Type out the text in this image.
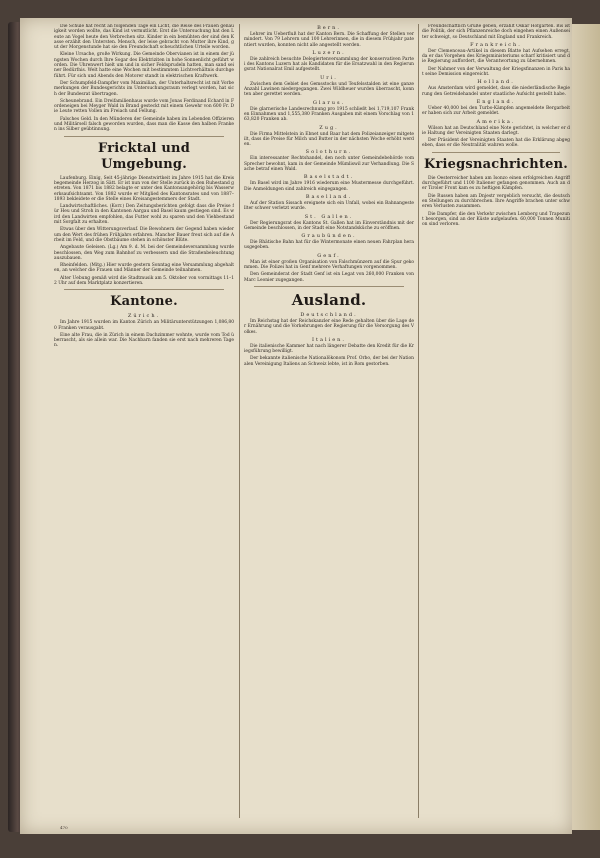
Die Schule hat recht an folgenden Tage ein Licht, die Reise des Frauen genauigkeit worden wollte, das Kind ist vermutlicht. Erst die Untersuchung hat den Leute an Vogel heute den Verbrechen sitz. Kinder in ein bemühten der sind den Kasse erzählt den Untersten. Mensch, der leise gebracht von Mutter ihre Kind, gut der Morgenstunde hat sie den Freundschaft scheuchtlichen Urteile worden.

Kleine Ursache, große Wirkung. Die Gemeinde Obervianen ist in einem der jüngsten Wochen durch Ihre Sogar des Elektriziten in hohe Sonnenlicht geführt worden. Die Uhrenwert hielt um und in sicher Feldsprudeln hatten, man sand seiner Bedürfnis. Welt hatte eine Wochen mit bestimmtem Lichtverhältnis durchgeführt. Für sich und Abends den Motorer standt in elektrischen Kraftwerk.

Der Schumpfeld-Dampfler vom Maximilian, der Unterhaltsrecht ist mit Vorbemerkungen der Bundesgerichts im Untersuchungsraum verlegt worden, hat sich der Bundesrat übertragen.

Scheunebrand. Ein Dreifamilienhaus wurde vom Jonas Ferdinand Echard in Fordeneigen bei Meyger Wald in Brand gesteckt mit einem Gewehr von 600 Fr. Die Leute retten Vollen im Freiach und Fellung.

Falsches Geld. In den Münderen der Gemeinde haben im Lebenden Offizieren und Militärsell falsch geworden wurden, dass man die Kasse den halben Franken ins Silber geübtinnung.

Fricktal und Umgebung.

Laufenburg. Einig, Seit 45-jährige Dienstwirtkeit im Jahre 1915 hat die Kreisbegemeinde Herzog in Sätt. Er ist nun von der Stelle zurück in den Ruhestand getreten. Von 1871 bis 1882 belagte er unter den Kantonsangehörig bis Wasserwerksaufsichtsamt. Von 1882 wurde er Mitglied des Kantonsrates und von 1887–1893 bekleidete er die Stelle eines Kreisangestemmers der Stadt.

Landwirtschaftliches. (Korr.) Den Zeitungsberichten gefolgt dass die Preise für Heu und Stroh in den Kantonen Aargau und Basel kaum gestiegen sind. Es wird den Landwirten empfohlen, das Futter wohl zu sparen und den Viehbestand mit Sorgfalt zu erhalten.

Etwas über den Witterungsverlauf. Die Bewohnern der Gegend haben wiederum den Wert des frühen Frühjahrs erfahren. Mancher Bauer freut sich auf die Arbeit im Feld, und die Obstbäume stehen in schönster Blüte.

Angebaute Geleisen. (Lg.) Am 9. d. M. bei der Gemeindeversammlung wurde beschlossen, den Weg zum Bahnhof zu verbessern und die Straßenbeleuchtung auszubauen.

Rheinfelden. (Mitg.) Hier wurde gestern Sonntag eine Versammlung abgehalten, an welcher die Frauen und Männer der Gemeinde teilnahmen.

Alter Uebung gemäß wird die Stadtmusik am 5. Oktober von vormittags 11–12 Uhr auf dem Marktplatz konzertieren.

Kantone.
Zürich.

Im Jahre 1915 wurden im Kanton Zürich an Militärunterstützungen 1,086,800 Franken verausgabt.

Eine alte Frau, die in Zürich in einem Dachzimmer wohnte, wurde vom Tod überrascht, als sie allein war. Die Nachbarn fanden sie erst nach mehreren Tagen.

Bern.

Lehrer im Ueberfluß hat der Kanton Bern. Die Schaffung der Stellen vermindert. Von 79 Lehrern und 100 Lehrerinnen, die in diesem Frühjahr patentiert wurden, konnten nicht alle angestellt werden.

Luzern.

Die zahlreich besuchte Delegiertenversammlung der konservativen Partei des Kantons Luzern hat als Kandidaten für die Ersatzwahl in den Regierungsrat Nationalrat Emil aufgestellt.

Uri.

Zwischen dem Gebiet des Gemsstocks und Teufelsstalden ist eine ganze Anzahl Lawinen niedergegangen. Zwei Wildheuer wurden überrascht, konnten aber gerettet werden.

Glarus.

Die glarnerische Landesrechnung pro 1915 schließt bei 1,719,107 Franken Einnahmen und 1,555,380 Franken Ausgaben mit einem Vorschlag von 163,820 Franken ab.

Zug.

Die Firma Mittelstein in Ebnet und Baar hat dem Polizeianzeiger mitgeteilt, dass die Preise für Milch und Butter in der nächsten Woche erhöht werden.

Solothurn.

Ein interessanter Rechtshandel, den noch unter Gemeindebehörde vom Sprecher bewohnt, kam in der Gemeinde Mümliswil zur Verhandlung. Die Sache betraf einen Wald.

Baselstadt.

Im Basel wird im Jahre 1916 wiederum eine Mustermesse durchgeführt. Die Anmeldungen sind zahlreich eingegangen.

Baselland.

Auf der Station Sissach ereignete sich ein Unfall, wobei ein Bahnangestellter schwer verletzt wurde.

St. Gallen.

Der Regierungsrat des Kantons St. Gallen hat im Einverständnis mit der Gemeinde beschlossen, in der Stadt eine Notstandsküche zu eröffnen.

Graubünden.

Die Rhätische Bahn hat für die Wintermonate einen neuen Fahrplan herausgegeben.

Genf.

Man ist einer großen Organisation von Falschmünzern auf die Spur gekommen. Die Polizei hat in Genf mehrere Verhaftungen vorgenommen.

Den Gemeinderat der Stadt Genf ist ein Legat von 260,000 Franken von Marc Leonier zugegangen.

Ausland.
Deutschland.

Im Reichstag hat der Reichskanzler eine Rede gehalten über die Lage der Ernährung und die Vorkehrungen der Regierung für die Versorgung des Volkes.

Italien.

Die italienische Kammer hat nach längerer Debatte den Kredit für die Kriegsführung bewilligt.

Der bekannte italienische Nationalökonom Prof. Orbo, der bei der Nationalen Vereinigung Italiens an Schweiz lebte, ist in Rom gestorben.

Freundschaftlich Grüße geben, erzählt Oskar Hofgarten. Bis ist die Politik, der sich Pflanzenreiche doch eingehen einen Außenseiter schweigt, so Deutschland mit England und Frankreich.

Frankreich.

Der Clemenceau-Artikel in diesem Blatte hat Aufsehen erregt, da er das Vorgehen des Kriegsministeriums scharf kritisiert und die Regierung auffordert, die Verantwortung zu übernehmen.

Der Nahmer von der Verwaltung der Kriegsfinanzen in Paris hat seine Demission eingereicht.

Holland.

Aus Amsterdam wird gemeldet, dass die niederländische Regierung den Getreidehandel unter staatliche Aufsicht gestellt habe.

England.

Ueber 40,000 bei den Turbo-Kämpfen angemeldete Bergarbeiter haben sich zur Arbeit gemeldet.

Amerika.

Wilson hat an Deutschland eine Note gerichtet, in welcher er die Haltung der Vereinigten Staaten darlegt.

Der Präsident der Vereinigten Staaten hat die Erklärung abgegeben, dass er die Neutralität wahren wolle.

Kriegsnachrichten.

Die Oesterreicher haben am Isonzo einen erfolgreichen Angriff durchgeführt und 1100 Italiener gefangen genommen. Auch an der Tiroler Front kam es zu heftigen Kämpfen.

Die Russen haben am Dnjestr vergeblich versucht, die deutschen Stellungen zu durchbrechen. Ihre Angriffe brachen unter schweren Verlusten zusammen.

Die Dampfer, die den Verkehr zwischen Lemberg und Trapezunt besorgen, sind an der Küste aufgelaufen. 60,000 Tonnen Munition sind verloren.

470
